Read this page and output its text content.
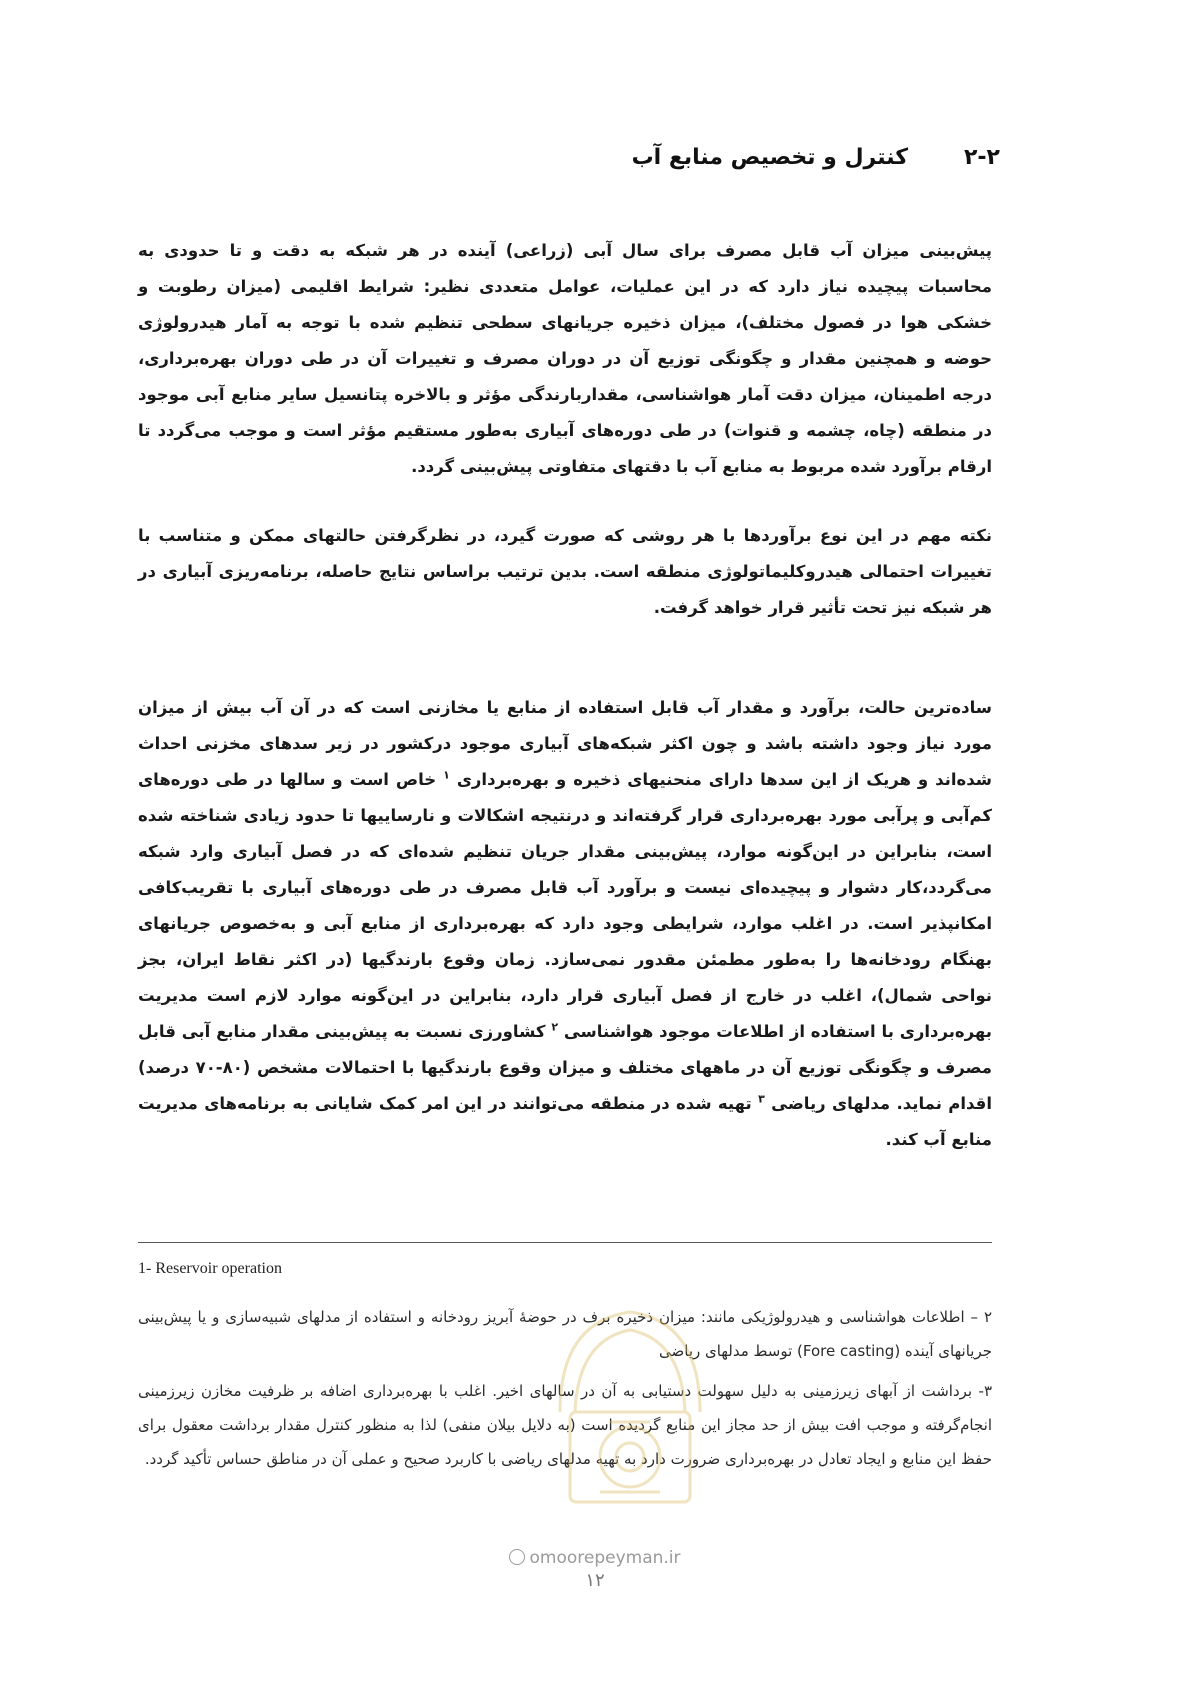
۲-۲کنترل و تخصیص منابع آب

پیش‌بینی میزان آب قابل مصرف برای سال آبی (زراعی) آینده در هر شبکه به دقت و تا حدودی به محاسبات پیچیده نیاز دارد که در این عملیات، عوامل متعددی نظیر: شرایط اقلیمی (میزان رطوبت و خشکی هوا در فصول مختلف)، میزان ذخیره جریانهای سطحی تنظیم شده با توجه به آمار هیدرولوژی حوضه و همچنین مقدار و چگونگی توزیع آن در دوران مصرف و تغییرات آن در طی دوران بهره‌برداری، درجه اطمینان، میزان دقت آمار هواشناسی، مقداربارندگی مؤثر و بالاخره پتانسیل سایر منابع آبی موجود در منطقه (چاه، چشمه و قنوات) در طی دوره‌های آبیاری به‌طور مستقیم مؤثر است و موجب می‌گردد تا ارقام برآورد شده مربوط به منابع آب با دقتهای متفاوتی پیش‌بینی گردد.

نکته مهم در این نوع برآوردها با هر روشی که صورت گیرد، در نظرگرفتن حالتهای ممکن و متناسب با تغییرات احتمالی هیدروکلیماتولوژی منطقه است. بدین ترتیب براساس نتایج حاصله، برنامه‌ریزی آبیاری در هر شبکه نیز تحت تأثیر قرار خواهد گرفت.

ساده‌ترین حالت، برآورد و مقدار آب قابل استفاده از منابع یا مخازنی است که در آن آب بیش از میزان مورد نیاز وجود داشته باشد و چون اکثر شبکه‌های آبیاری موجود درکشور در زیر سدهای مخزنی احداث شده‌اند و هریک از این سدها دارای منحنیهای ذخیره و بهره‌برداری $^۱$ خاص است و سالها در طی دوره‌های کم‌آبی و پرآبی مورد بهره‌برداری قرار گرفته‌اند و درنتیجه اشکالات و نارساییها تا حدود زیادی شناخته شده است، بنابراین در این‌گونه موارد، پیش‌بینی مقدار جریان تنظیم شده‌ای که در فصل آبیاری وارد شبکه می‌گردد،کار دشوار و پیچیده‌ای نیست و برآورد آب قابل مصرف در طی دوره‌های آبیاری با تقریب‌کافی امکانپذیر است. در اغلب موارد، شرایطی وجود دارد که بهره‌برداری از منابع آبی و به‌خصوص جریانهای بهنگام رودخانه‌ها را به‌طور مطمئن مقدور نمی‌سازد. زمان وقوع بارندگیها (در اکثر نقاط ایران، بجز نواحی شمال)، اغلب در خارج از فصل آبیاری قرار دارد، بنابراین در این‌گونه موارد لازم است مدیریت بهره‌برداری با استفاده از اطلاعات موجود هواشناسی $^۲$ کشاورزی نسبت به پیش‌بینی مقدار منابع آبی قابل مصرف و چگونگی توزیع آن در ماههای مختلف و میزان وقوع بارندگیها با احتمالات مشخص (۸۰-۷۰ درصد) اقدام نماید. مدلهای ریاضی $^۳$ تهیه شده در منطقه می‌توانند در این امر کمک شایانی به برنامه‌های مدیریت منابع آب کند.

1- Reservoir operation

۲ – اطلاعات هواشناسی و هیدرولوژیکی مانند: میزان ذخیره برف در حوضهٔ آبریز رودخانه و استفاده از مدلهای شبیه‌سازی و یا پیش‌بینی جریانهای آینده (Fore casting) توسط مدلهای ریاضی

۳- برداشت از آبهای زیرزمینی به دلیل سهولت دستیابی به آن در سالهای اخیر. اغلب با بهره‌برداری اضافه بر ظرفیت مخازن زیرزمینی انجام‌گرفته و موجب افت بیش از حد مجاز این منابع گردیده است (به دلایل بیلان منفی) لذا به منظور کنترل مقدار برداشت معقول برای حفظ این منابع و ایجاد تعادل در بهره‌برداری ضرورت دارد به تهیه مدلهای ریاضی با کاربرد صحیح و عملی آن در مناطق حساس تأکید گردد.

omoorepeyman.ir
۱۲
